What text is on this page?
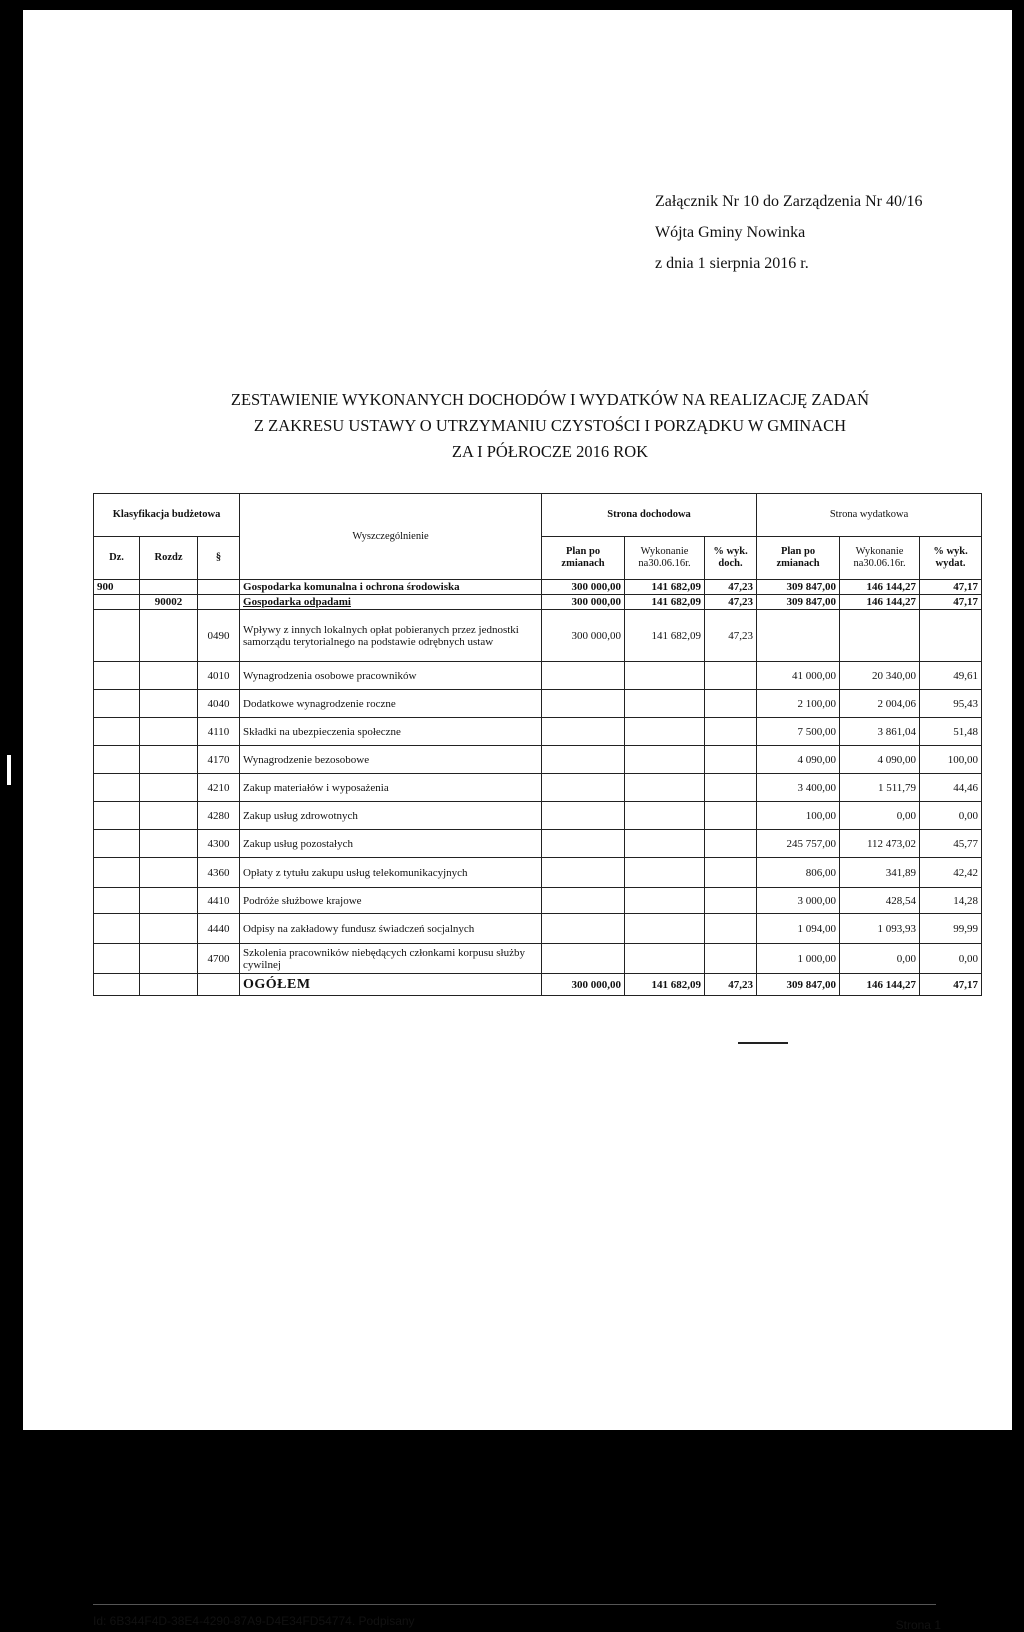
Załącznik Nr 10 do Zarządzenia Nr 40/16
Wójta Gminy Nowinka
z dnia 1 sierpnia 2016 r.
ZESTAWIENIE WYKONANYCH DOCHODÓW I WYDATKÓW NA REALIZACJĘ ZADAŃ
Z ZAKRESU USTAWY O UTRZYMANIU CZYSTOŚCI I PORZĄDKU W GMINACH
ZA I PÓŁROCZE 2016 ROK
Klasyfikacja budżetowa			Wyszczególnienie	Strona dochodowa			Strona wydatkowa		
Dz.	Rozdz	§		Plan po zmianach	Wykonanie na30.06.16r.	% wyk. doch.	Plan po zmianach	Wykonanie na30.06.16r.	% wyk. wydat.
900			Gospodarka komunalna i ochrona środowiska	300 000,00	141 682,09	47,23	309 847,00	146 144,27	47,17
	90002		Gospodarka odpadami	300 000,00	141 682,09	47,23	309 847,00	146 144,27	47,17
		0490	Wpływy z innych lokalnych opłat pobieranych przez jednostki samorządu terytorialnego na podstawie odrębnych ustaw	300 000,00	141 682,09	47,23			
		4010	Wynagrodzenia osobowe pracowników				41 000,00	20 340,00	49,61
		4040	Dodatkowe wynagrodzenie roczne				2 100,00	2 004,06	95,43
		4110	Składki na ubezpieczenia społeczne				7 500,00	3 861,04	51,48
		4170	Wynagrodzenie bezosobowe				4 090,00	4 090,00	100,00
		4210	Zakup materiałów i wyposażenia				3 400,00	1 511,79	44,46
		4280	Zakup usług zdrowotnych				100,00	0,00	0,00
		4300	Zakup usług pozostałych				245 757,00	112 473,02	45,77
		4360	Opłaty z tytułu zakupu usług telekomunikacyjnych				806,00	341,89	42,42
		4410	Podróże służbowe krajowe				3 000,00	428,54	14,28
		4440	Odpisy na zakładowy fundusz świadczeń socjalnych				1 094,00	1 093,93	99,99
		4700	Szkolenia pracowników niebędących członkami korpusu służby cywilnej				1 000,00	0,00	0,00
			OGÓŁEM	300 000,00	141 682,09	47,23	309 847,00	146 144,27	47,17
Id: 6B344F4D-38E4-4290-87A9-D4E34FD54774. Podpisany	Strona 1
